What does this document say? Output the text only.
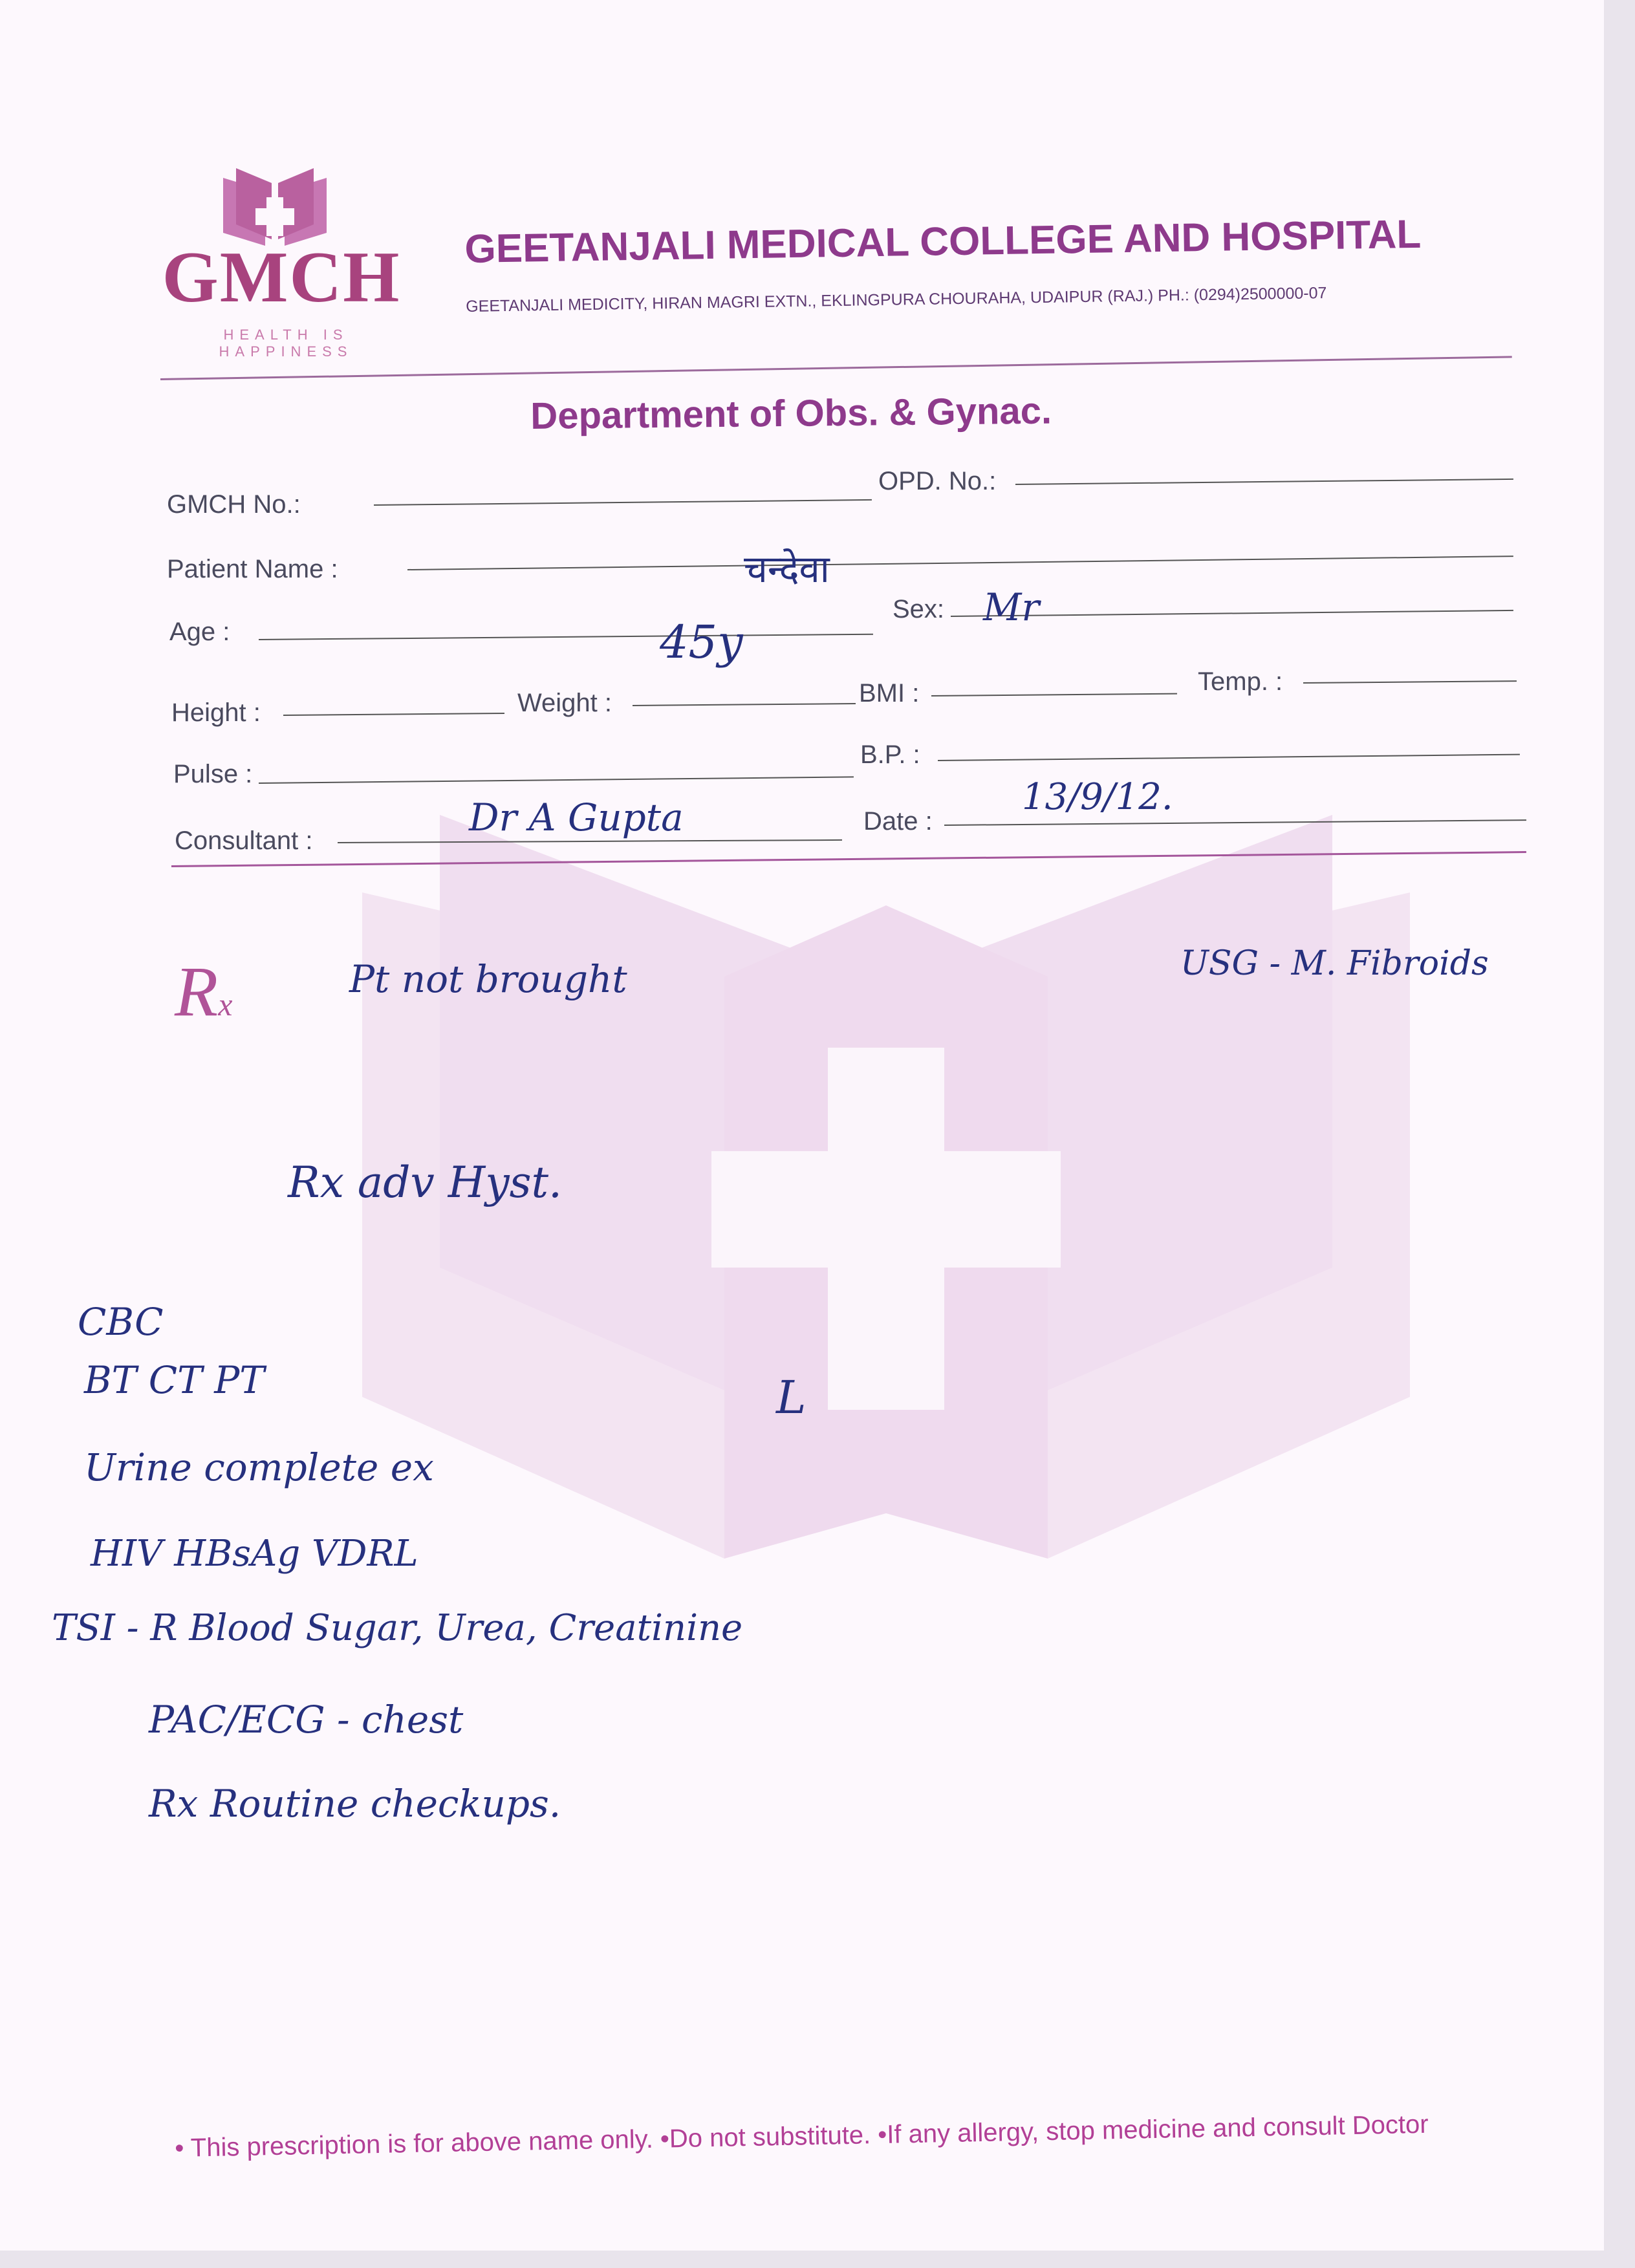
GMCH
HEALTH IS HAPPINESS
GEETANJALI MEDICAL COLLEGE AND HOSPITAL
GEETANJALI MEDICITY, HIRAN MAGRI EXTN., EKLINGPURA CHOURAHA, UDAIPUR (RAJ.) PH.: (0294)2500000-07
Department of Obs. & Gynac.
GMCH No.:
OPD. No.:
Patient Name :	चन्देवा
Age :	45y
Sex: Mr
Height :	Weight :	BMI :	Temp. :
Pulse :
B.P. :
Consultant :
Dr A Gupta	Date :
13/9/12.
Rx
Pt not brought	USG - M. Fibroids
Rx adv Hyst.
L
CBC
BT CT PT
Urine complete ex
HIV HBsAg VDRL
TSI - R Blood Sugar, Urea, Creatinine
PAC/ECG - chest
Rx Routine checkups.
• This prescription is for above name only. •Do not substitute. •If any allergy, stop medicine and consult Doctor
